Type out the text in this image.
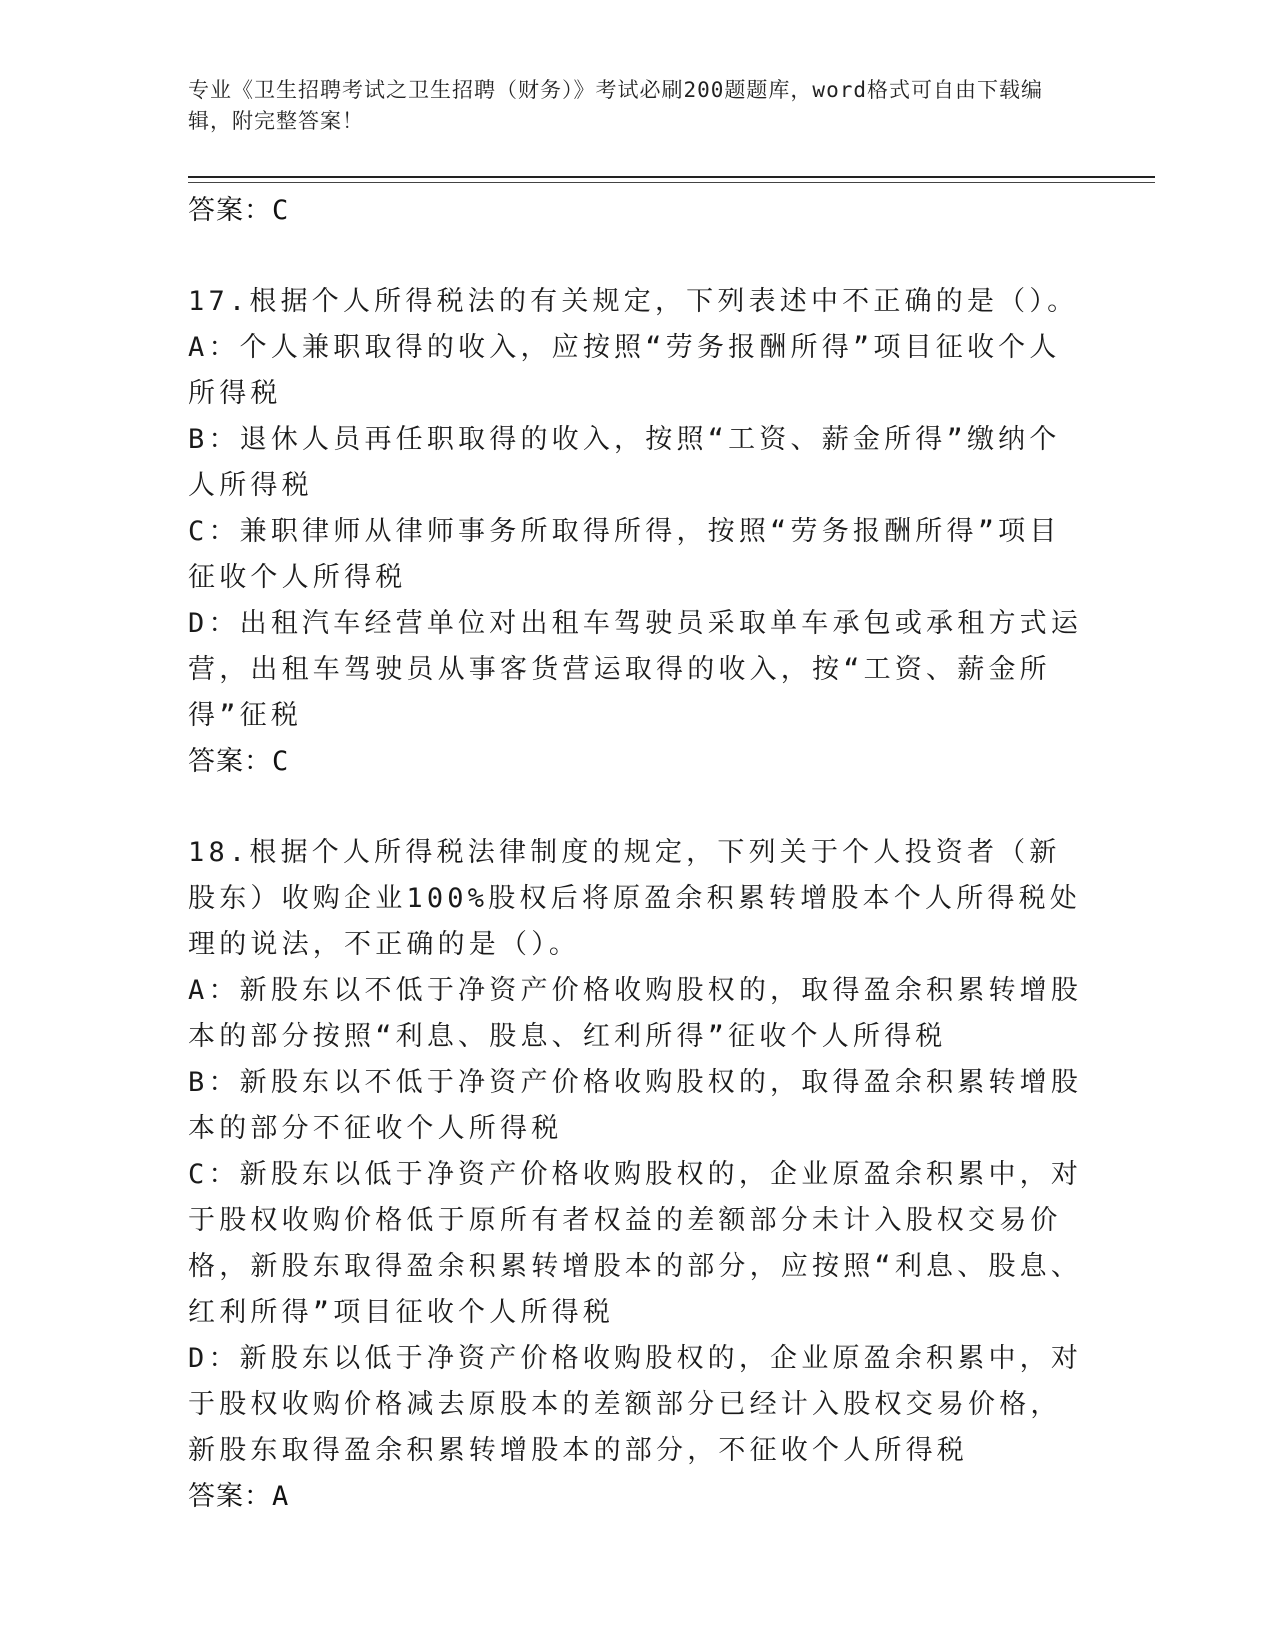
专业《卫生招聘考试之卫生招聘（财务）》考试必刷200题题库，word格式可自由下载编辑，附完整答案！

答案：C

17.根据个人所得税法的有关规定，下列表述中不正确的是（）。

A：个人兼职取得的收入，应按照“劳务报酬所得”项目征收个人所得税

B：退休人员再任职取得的收入，按照“工资、薪金所得”缴纳个人所得税

C：兼职律师从律师事务所取得所得，按照“劳务报酬所得”项目征收个人所得税

D：出租汽车经营单位对出租车驾驶员采取单车承包或承租方式运营，出租车驾驶员从事客货营运取得的收入，按“工资、薪金所得”征税

答案：C

18.根据个人所得税法律制度的规定，下列关于个人投资者（新股东）收购企业100%股权后将原盈余积累转增股本个人所得税处理的说法，不正确的是（）。

A：新股东以不低于净资产价格收购股权的，取得盈余积累转增股本的部分按照“利息、股息、红利所得”征收个人所得税

B：新股东以不低于净资产价格收购股权的，取得盈余积累转增股本的部分不征收个人所得税

C：新股东以低于净资产价格收购股权的，企业原盈余积累中，对于股权收购价格低于原所有者权益的差额部分未计入股权交易价格，新股东取得盈余积累转增股本的部分，应按照“利息、股息、红利所得”项目征收个人所得税

D：新股东以低于净资产价格收购股权的，企业原盈余积累中，对于股权收购价格减去原股本的差额部分已经计入股权交易价格，新股东取得盈余积累转增股本的部分，不征收个人所得税

答案：A
